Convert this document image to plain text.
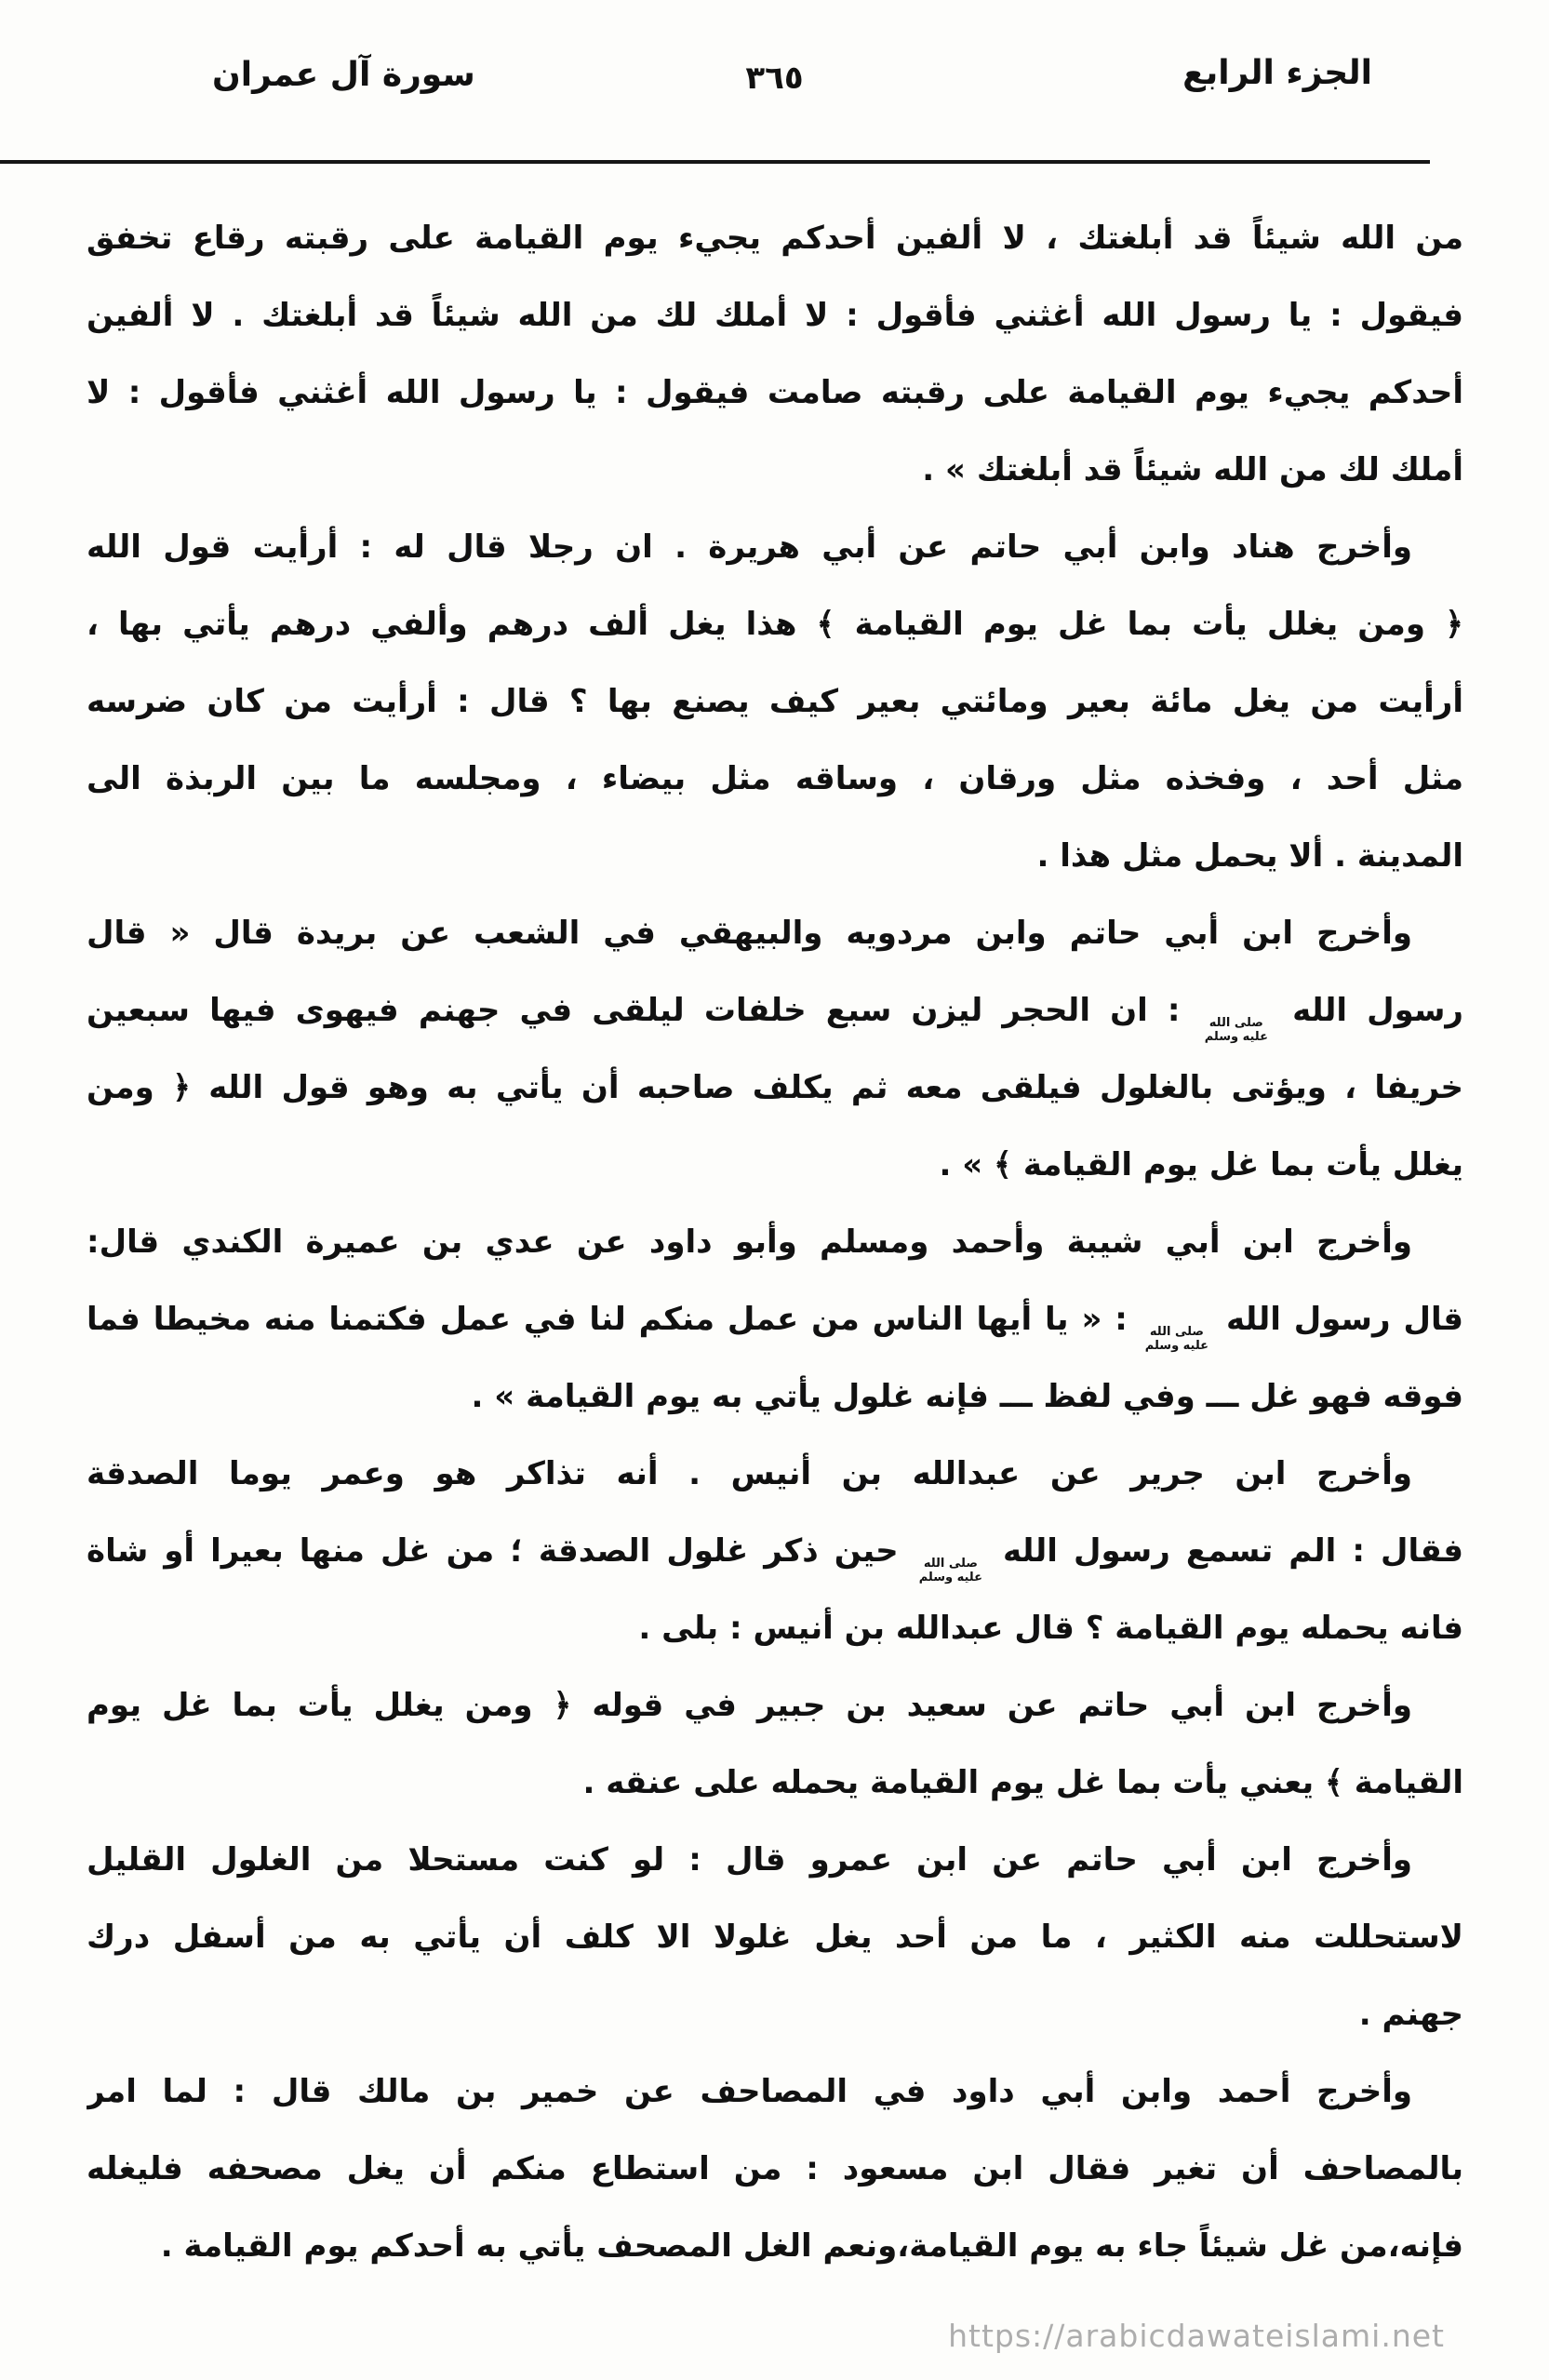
الجزء الرابع
٣٦٥
سورة آل عمران
من الله شيئاً قد أبلغتك ، لا ألفين أحدكم يجيء يوم القيامة على رقبته رقاع تخفق
فيقول : يا رسول الله أغثني فأقول : لا أملك لك من الله شيئاً قد أبلغتك . لا ألفين
أحدكم يجيء يوم القيامة على رقبته صامت فيقول : يا رسول الله أغثني فأقول : لا
أملك لك من الله شيئاً قد أبلغتك » .
وأخرج هناد وابن أبي حاتم عن أبي هريرة . ان رجلا قال له : أرأيت قول الله
﴿ ومن يغلل يأت بما غل يوم القيامة ﴾ هذا يغل ألف درهم وألفي درهم يأتي بها ،
أرأيت من يغل مائة بعير ومائتي بعير كيف يصنع بها ؟ قال : أرأيت من كان ضرسه
مثل أحد ، وفخذه مثل ورقان ، وساقه مثل بيضاء ، ومجلسه ما بين الربذة الى
المدينة . ألا يحمل مثل هذا .
وأخرج ابن أبي حاتم وابن مردويه والبيهقي في الشعب عن بريدة قال « قال
رسول الله
صلى الله
عليه وسلم
: ان الحجر ليزن سبع خلفات ليلقى في جهنم فيهوى فيها سبعين
خريفا ، ويؤتى بالغلول فيلقى معه ثم يكلف صاحبه أن يأتي به وهو قول الله ﴿ ومن
يغلل يأت بما غل يوم القيامة ﴾ » .
وأخرج ابن أبي شيبة وأحمد ومسلم وأبو داود عن عدي بن عميرة الكندي قال:
قال رسول الله
صلى الله
عليه وسلم
: « يا أيها الناس من عمل منكم لنا في عمل فكتمنا منه مخيطا فما
فوقه فهو غل ـــ وفي لفظ ـــ فإنه غلول يأتي به يوم القيامة » .
وأخرج ابن جرير عن عبدالله بن أنيس . أنه تذاكر هو وعمر يوما الصدقة
فقال : الم تسمع رسول الله
صلى الله
عليه وسلم
حين ذكر غلول الصدقة ؛ من غل منها بعيرا أو شاة
فانه يحمله يوم القيامة ؟ قال عبدالله بن أنيس : بلى .
وأخرج ابن أبي حاتم عن سعيد بن جبير في قوله ﴿ ومن يغلل يأت بما غل يوم
القيامة ﴾ يعني يأت بما غل يوم القيامة يحمله على عنقه .
وأخرج ابن أبي حاتم عن ابن عمرو قال : لو كنت مستحلا من الغلول القليل
لاستحللت منه الكثير ، ما من أحد يغل غلولا الا كلف أن يأتي به من أسفل درك
جهنم .
وأخرج أحمد وابن أبي داود في المصاحف عن خمير بن مالك قال : لما امر
بالمصاحف أن تغير فقال ابن مسعود : من استطاع منكم أن يغل مصحفه فليغله
فإنه،من غل شيئاً جاء به يوم القيامة،ونعم الغل المصحف يأتي به أحدكم يوم القيامة .
https://arabicdawateislami.net
